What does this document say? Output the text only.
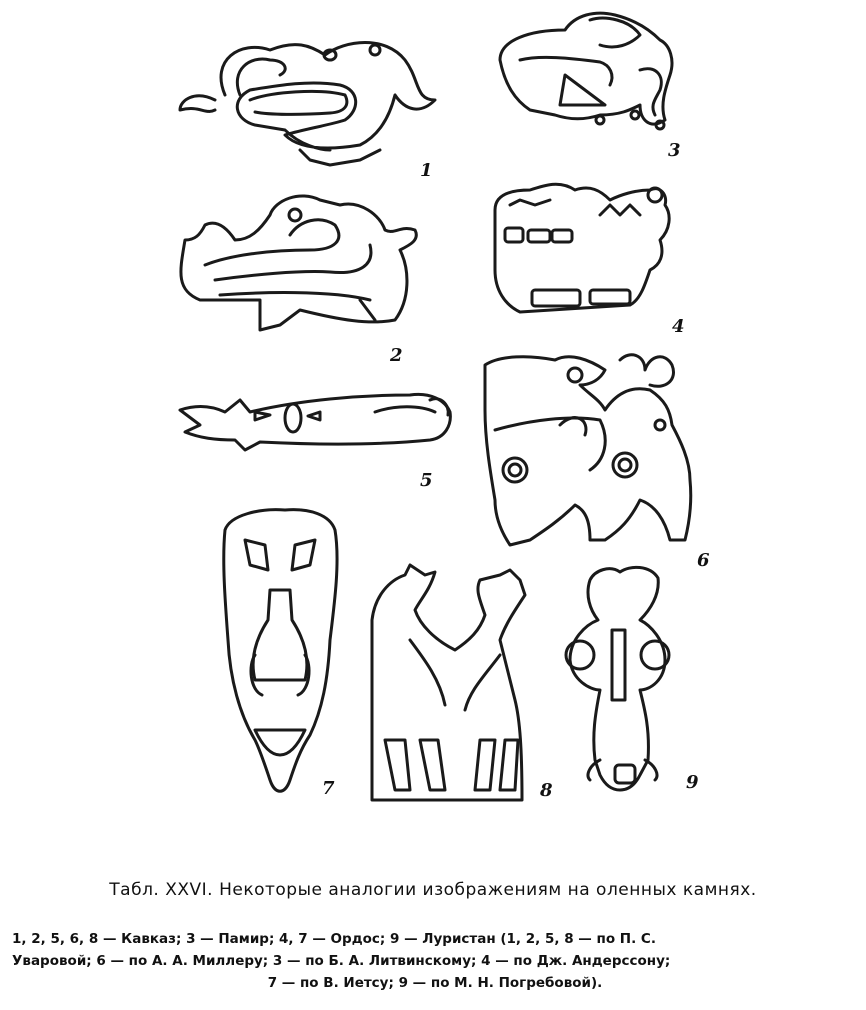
1
2
3
4
5
6
7	8	9
Табл. XXVI. Некоторые аналогии изображениям на оленных камнях.
1, 2, 5, 6, 8 — Кавказ; 3 — Памир; 4, 7 — Ордос; 9 — Луристан (1, 2, 5, 8 — по П. С.
Уваровой; 6 — по А. А. Миллеру; 3 — по Б. А. Литвинскому; 4 — по Дж. Андерссону;
7 — по В. Иетсу; 9 — по М. Н. Погребовой).
